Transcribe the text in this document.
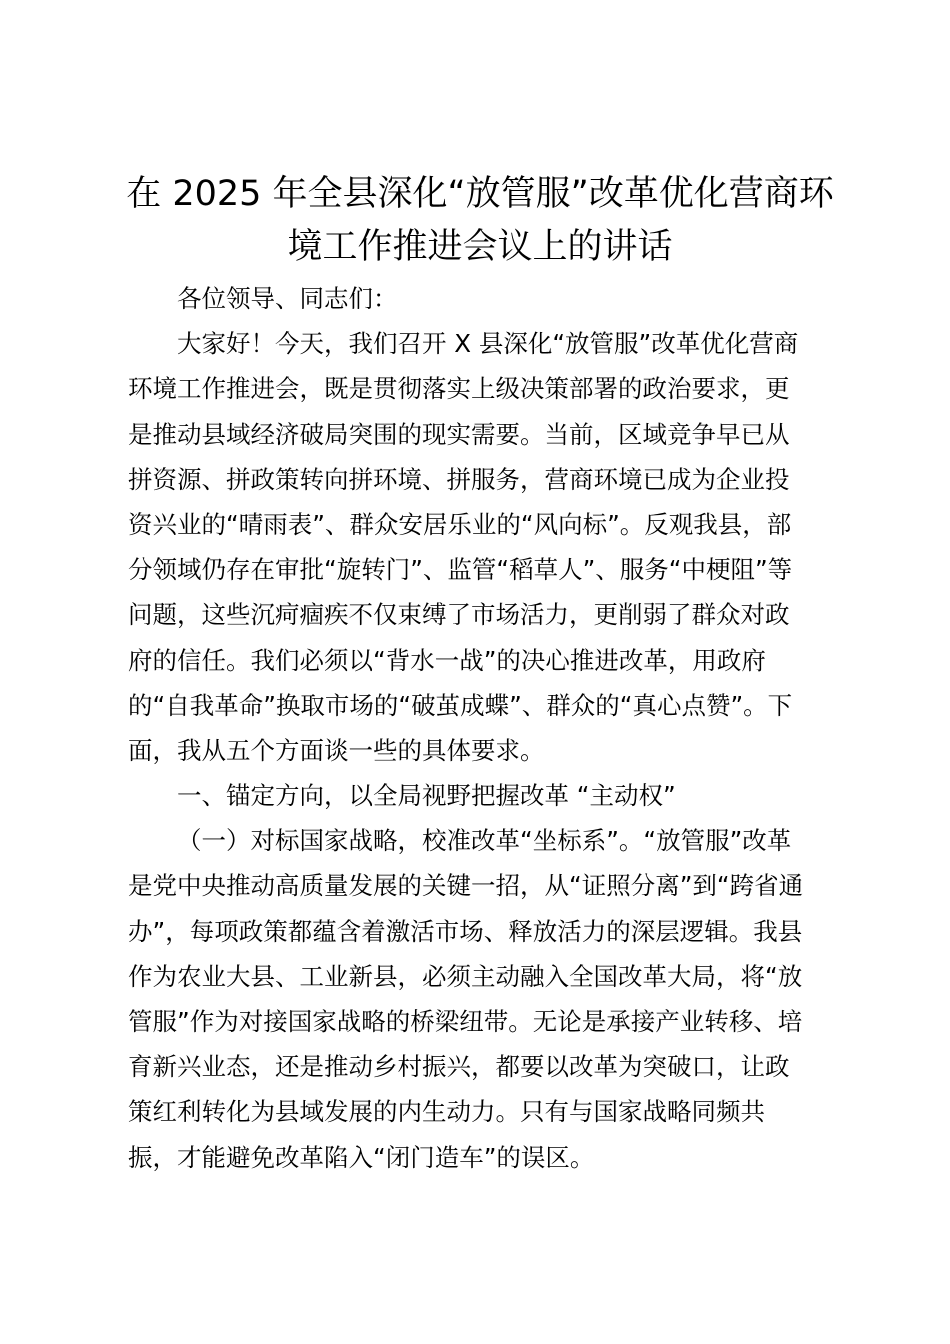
在 2025 年全县深化“放管服”改革优化营商环
境工作推进会议上的讲话
各位领导、同志们：
大家好！今天，我们召开 X 县深化“放管服”改革优化营商
环境工作推进会，既是贯彻落实上级决策部署的政治要求，更
是推动县域经济破局突围的现实需要。当前，区域竞争早已从
拼资源、拼政策转向拼环境、拼服务，营商环境已成为企业投
资兴业的“晴雨表”、群众安居乐业的“风向标”。反观我县，部
分领域仍存在审批“旋转门”、监管“稻草人”、服务“中梗阻”等
问题，这些沉疴痼疾不仅束缚了市场活力，更削弱了群众对政
府的信任。我们必须以“背水一战”的决心推进改革，用政府
的“自我革命”换取市场的“破茧成蝶”、群众的“真心点赞”。下
面，我从五个方面谈一些的具体要求。
一、锚定方向，以全局视野把握改革 “主动权”
（一）对标国家战略，校准改革“坐标系”。“放管服”改革
是党中央推动高质量发展的关键一招，从“证照分离”到“跨省通
办”，每项政策都蕴含着激活市场、释放活力的深层逻辑。我县
作为农业大县、工业新县，必须主动融入全国改革大局，将“放
管服”作为对接国家战略的桥梁纽带。无论是承接产业转移、培
育新兴业态，还是推动乡村振兴，都要以改革为突破口，让政
策红利转化为县域发展的内生动力。只有与国家战略同频共
振，才能避免改革陷入“闭门造车”的误区。
